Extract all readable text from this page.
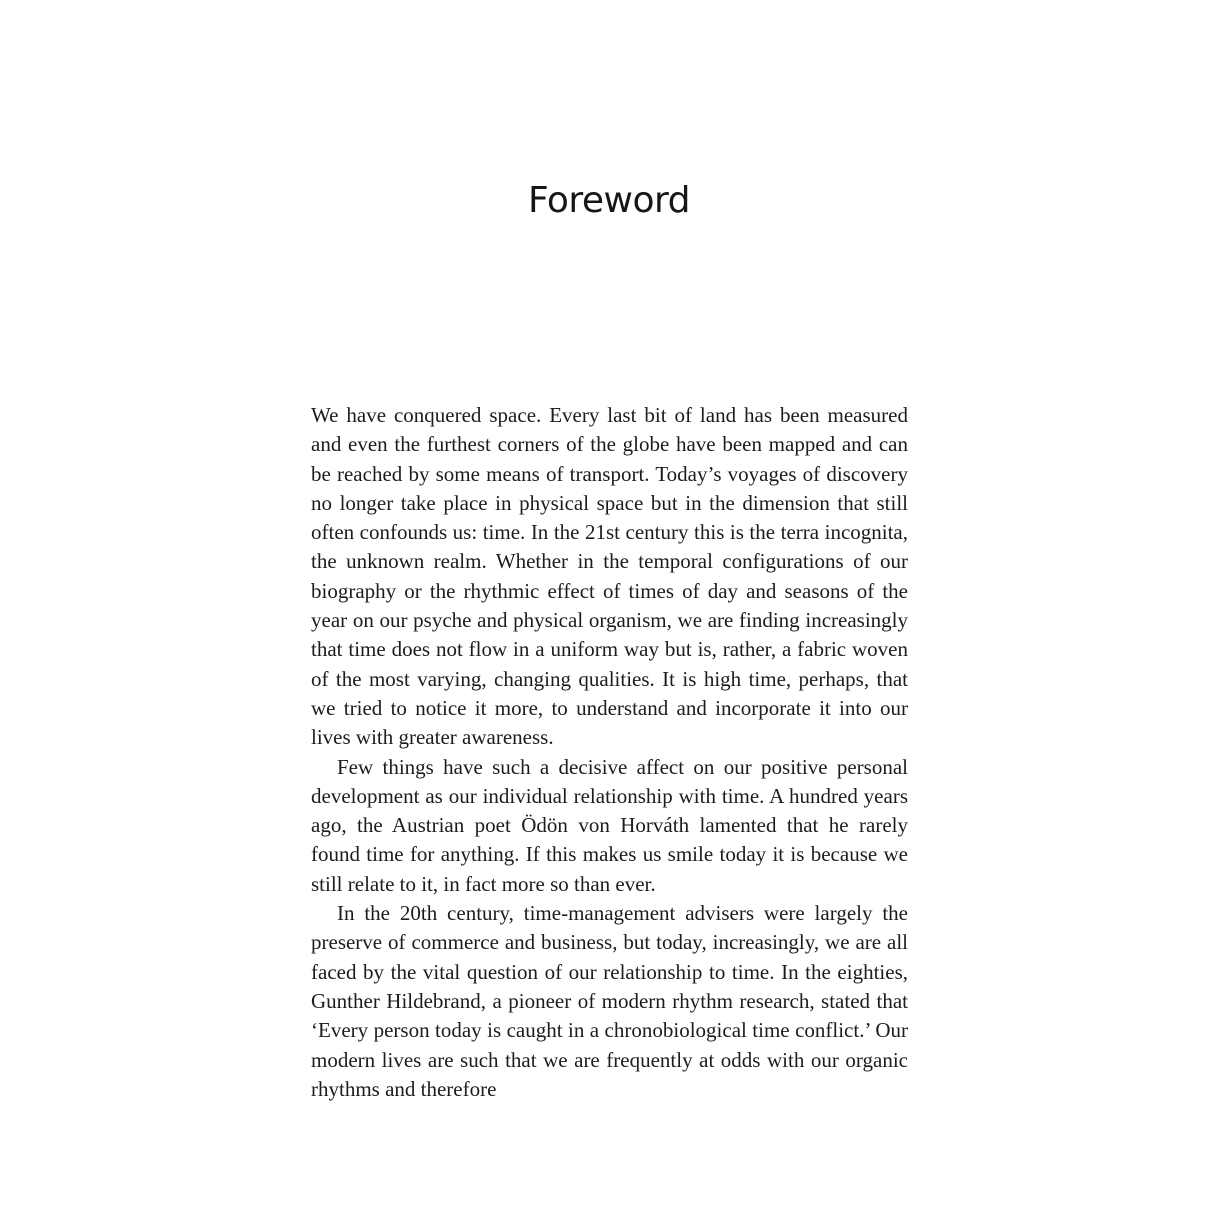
Foreword

We have conquered space. Every last bit of land has been measured and even the furthest corners of the globe have been mapped and can be reached by some means of transport. Today’s voyages of discovery no longer take place in physical space but in the dimension that still often confounds us: time. In the 21st century this is the terra incognita, the unknown realm. Whether in the temporal configurations of our biography or the rhythmic effect of times of day and seasons of the year on our psyche and physical organism, we are finding increasingly that time does not flow in a uniform way but is, rather, a fabric woven of the most varying, changing qualities. It is high time, perhaps, that we tried to notice it more, to understand and incorporate it into our lives with greater awareness.

Few things have such a decisive affect on our positive personal development as our individual relationship with time. A hundred years ago, the Austrian poet Ödön von Horváth lamented that he rarely found time for anything. If this makes us smile today it is because we still relate to it, in fact more so than ever.

In the 20th century, time-management advisers were largely the preserve of commerce and business, but today, increasingly, we are all faced by the vital question of our relationship to time. In the eighties, Gunther Hildebrand, a pioneer of modern rhythm research, stated that ‘Every person today is caught in a chronobiological time conflict.’ Our modern lives are such that we are frequently at odds with our organic rhythms and therefore
